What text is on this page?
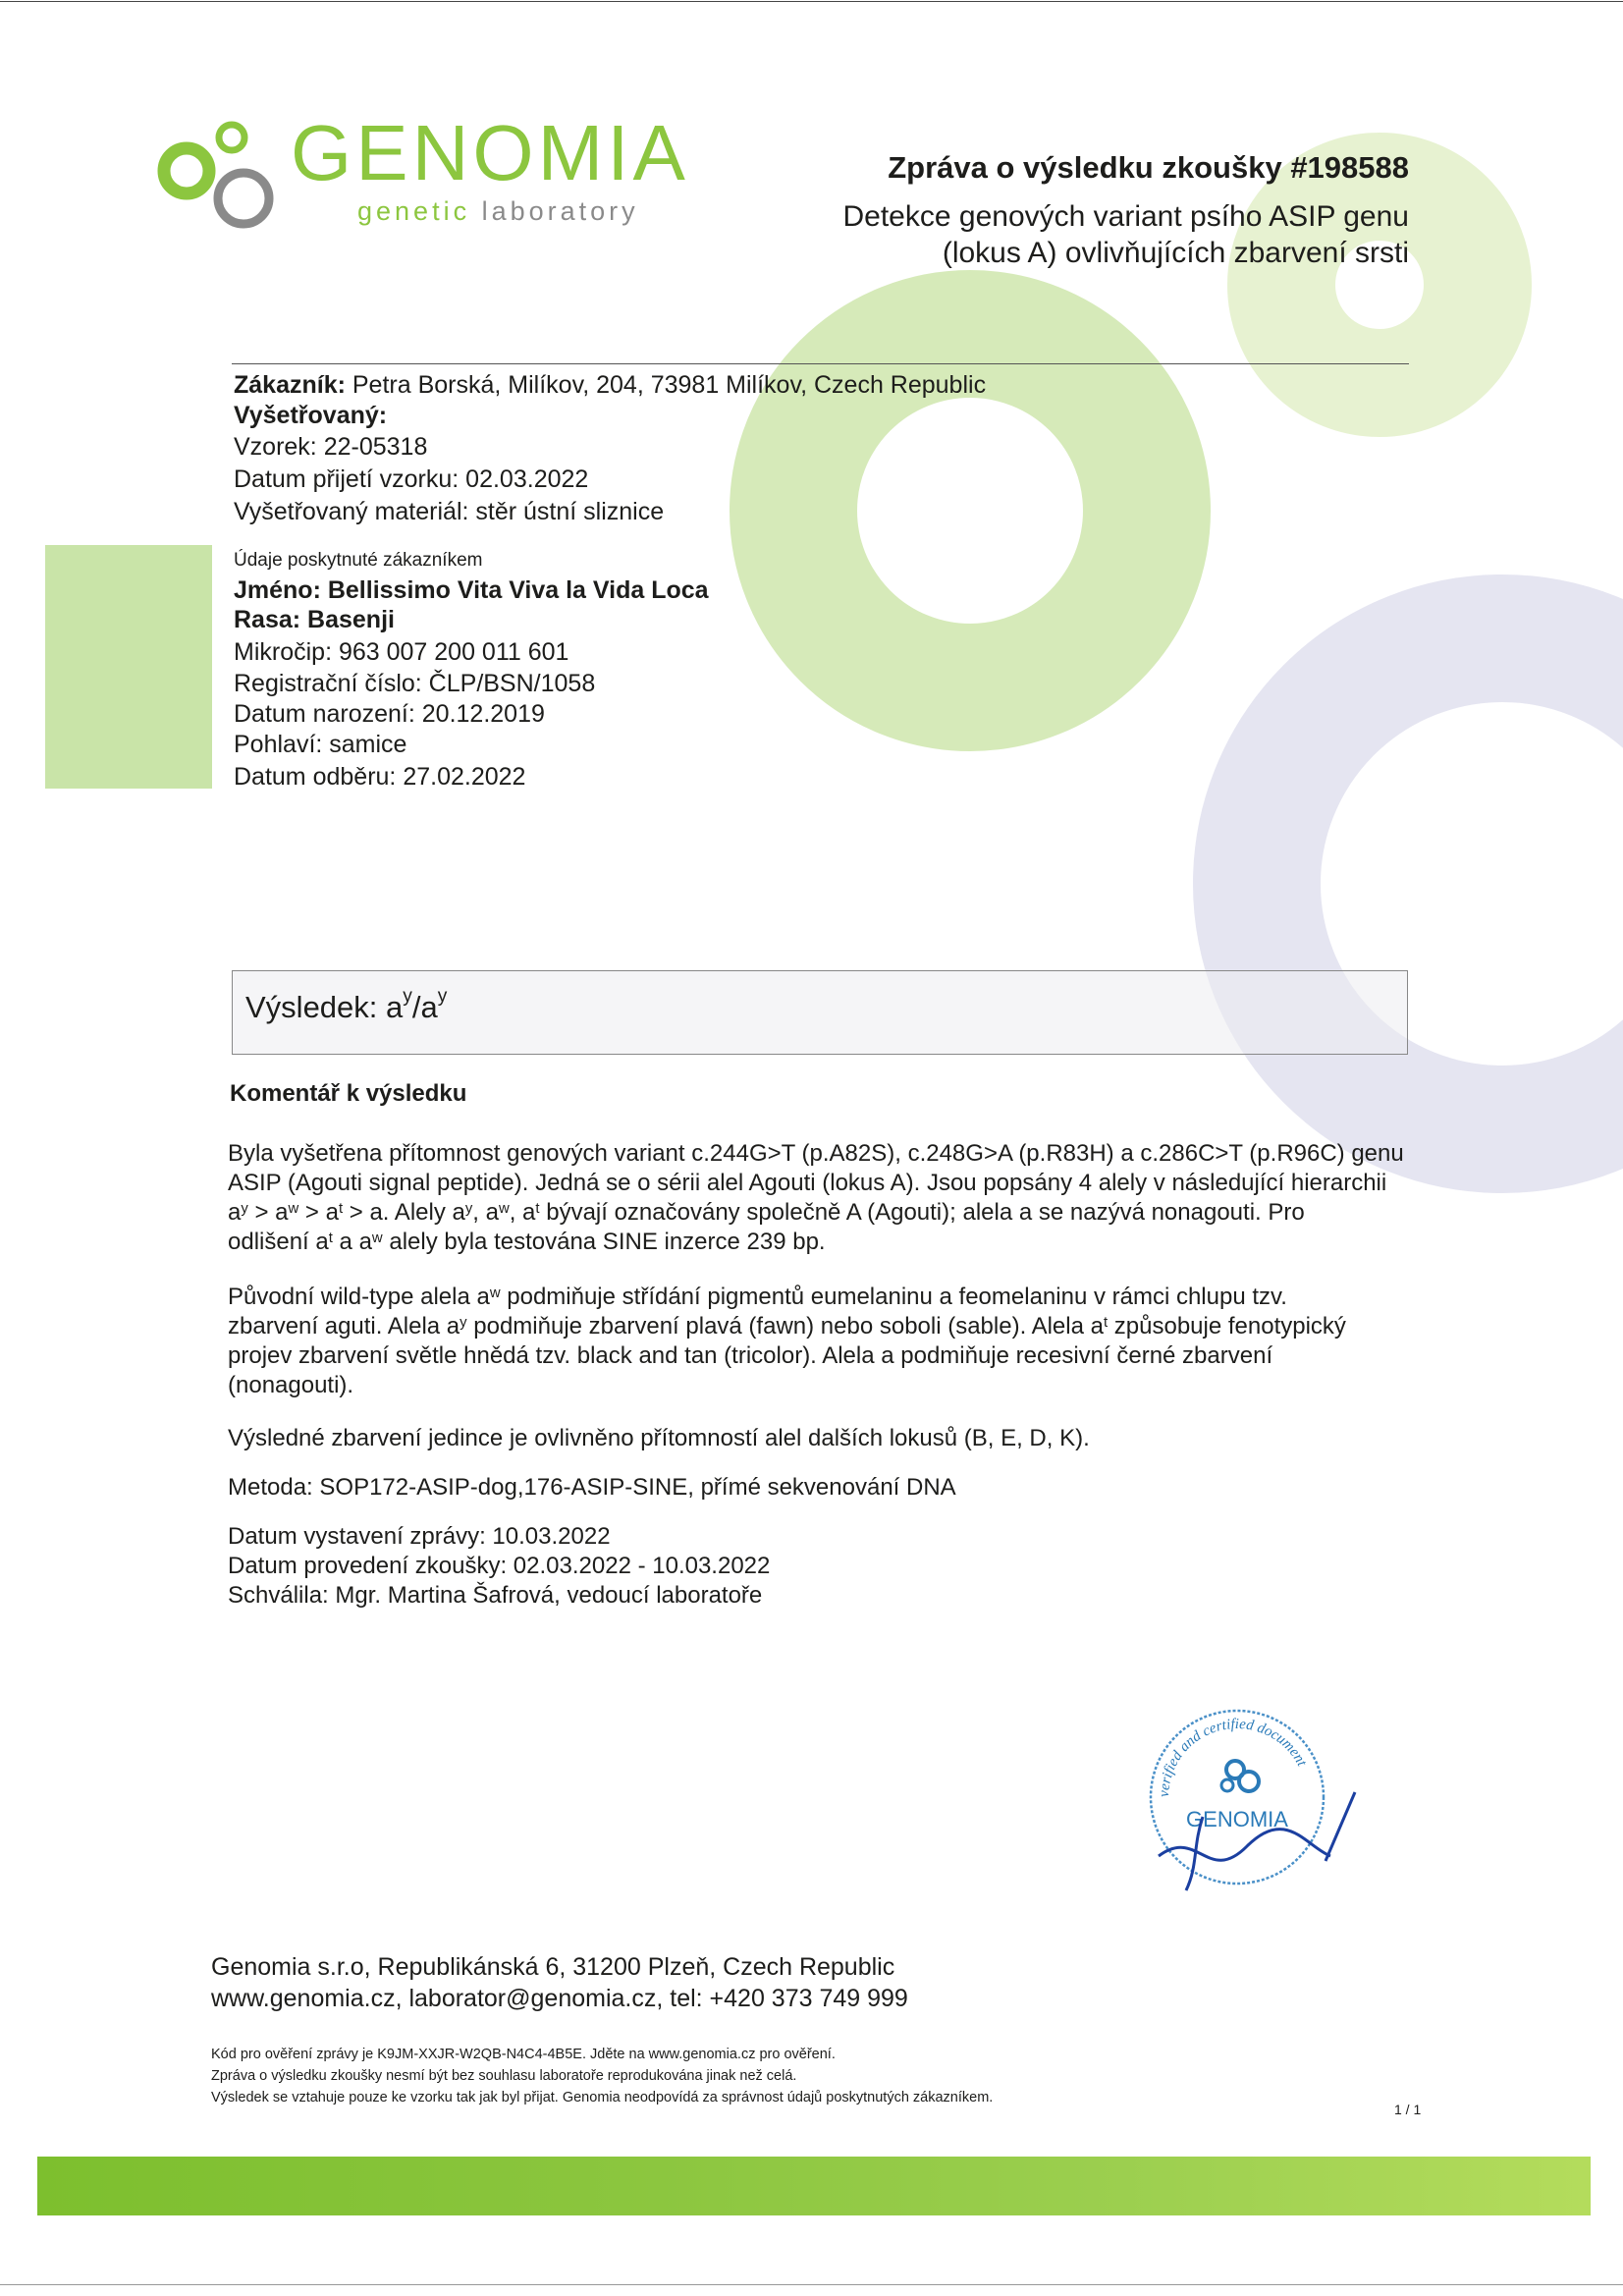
GENOMIA
genetic laboratory
Zpráva o výsledku zkoušky #198588
Detekce genových variant psího ASIP genu
(lokus A) ovlivňujících zbarvení srsti
Zákazník: Petra Borská, Milíkov, 204, 73981 Milíkov, Czech Republic
Vyšetřovaný:
Vzorek: 22-05318
Datum přijetí vzorku: 02.03.2022
Vyšetřovaný materiál: stěr ústní sliznice
Údaje poskytnuté zákazníkem
Jméno: Bellissimo Vita Viva la Vida Loca
Rasa: Basenji
Mikročip: 963 007 200 011 601
Registrační číslo: ČLP/BSN/1058
Datum narození: 20.12.2019
Pohlaví: samice
Datum odběru: 27.02.2022
Výsledek: $a^y/a^y$
Komentář k výsledku
Byla vyšetřena přítomnost genových variant c.244G>T (p.A82S), c.248G>A (p.R83H) a c.286C>T (p.R96C) genu
ASIP (Agouti signal peptide). Jedná se o sérii alel Agouti (lokus A). Jsou popsány 4 alely v následující hierarchii
$a^y > a^w > a^t > a$. Alely $a^y$, $a^w$, $a^t$ bývají označovány společně A (Agouti); alela a se nazývá nonagouti. Pro
odlišení $a^t$ a $a^w$ alely byla testována SINE inzerce 239 bp.
Původní wild-type alela $a^w$ podmiňuje střídání pigmentů eumelaninu a feomelaninu v rámci chlupu tzv.
zbarvení aguti. Alela $a^y$ podmiňuje zbarvení plavá (fawn) nebo soboli (sable). Alela $a^t$ způsobuje fenotypický
projev zbarvení světle hnědá tzv. black and tan (tricolor). Alela a podmiňuje recesivní černé zbarvení
(nonagouti).
Výsledné zbarvení jedince je ovlivněno přítomností alel dalších lokusů (B, E, D, K).
Metoda: SOP172-ASIP-dog,176-ASIP-SINE, přímé sekvenování DNA
Datum vystavení zprávy: 10.03.2022
Datum provedení zkoušky: 02.03.2022 - 10.03.2022
Schválila: Mgr. Martina Šafrová, vedoucí laboratoře
verified and certified document
GENOMIA
Genomia s.r.o, Republikánská 6, 31200 Plzeň, Czech Republic
www.genomia.cz, laborator@genomia.cz, tel: +420 373 749 999
Kód pro ověření zprávy je K9JM-XXJR-W2QB-N4C4-4B5E. Jděte na www.genomia.cz pro ověření.
Zpráva o výsledku zkoušky nesmí být bez souhlasu laboratoře reprodukována jinak než celá.
Výsledek se vztahuje pouze ke vzorku tak jak byl přijat. Genomia neodpovídá za správnost údajů poskytnutých zákazníkem.
1 / 1
